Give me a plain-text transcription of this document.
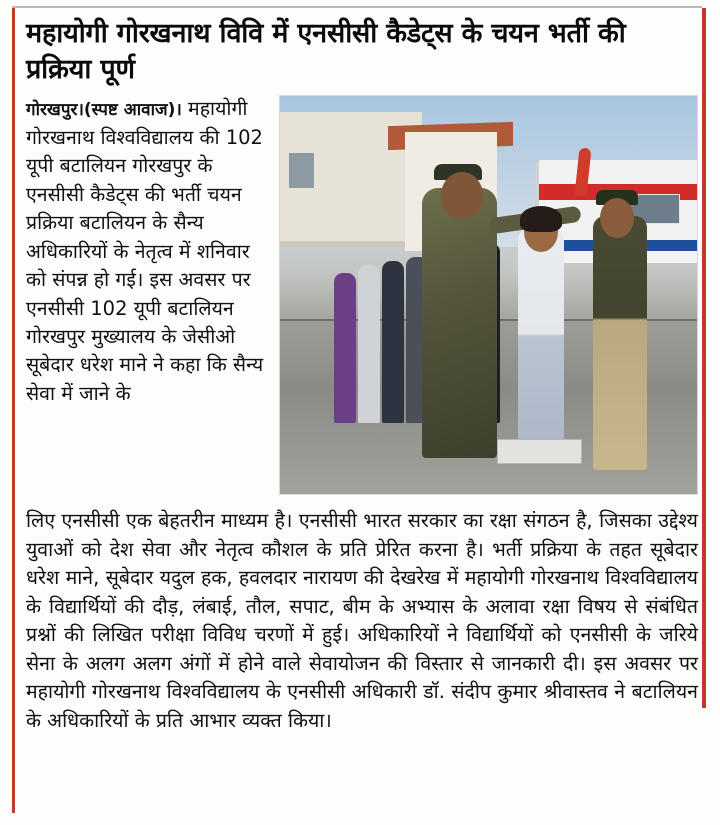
महायोगी गोरखनाथ विवि में एनसीसी कैडेट्स के चयन भर्ती की प्रक्रिया पूर्ण
गोरखपुर।(स्पष्ट आवाज)। महायोगी गोरखनाथ विश्वविद्यालय की 102 यूपी बटालियन गोरखपुर के एनसीसी कैडेट्स की भर्ती चयन प्रक्रिया बटालियन के सैन्य अधिकारियों के नेतृत्व में शनिवार को संपन्न हो गई। इस अवसर पर एनसीसी 102 यूपी बटालियन गोरखपुर मुख्यालय के जेसीओ सूबेदार धरेश माने ने कहा कि सैन्य सेवा में जाने के
लिए एनसीसी एक बेहतरीन माध्यम है। एनसीसी भारत सरकार का रक्षा संगठन है, जिसका उद्देश्य युवाओं को देश सेवा और नेतृत्व कौशल के प्रति प्रेरित करना है। भर्ती प्रक्रिया के तहत सूबेदार धरेश माने, सूबेदार यदुल हक, हवलदार नारायण की देखरेख में महायोगी गोरखनाथ विश्वविद्यालय के विद्यार्थियों की दौड़, लंबाई, तौल, सपाट, बीम के अभ्यास के अलावा रक्षा विषय से संबंधित प्रश्नों की लिखित परीक्षा विविध चरणों में हुई। अधिकारियों ने विद्यार्थियों को एनसीसी के जरिये सेना के अलग अलग अंगों में होने वाले सेवायोजन की विस्तार से जानकारी दी। इस अवसर पर महायोगी गोरखनाथ विश्वविद्यालय के एनसीसी अधिकारी डॉ. संदीप कुमार श्रीवास्तव ने बटालियन के अधिकारियों के प्रति आभार व्यक्त किया।
